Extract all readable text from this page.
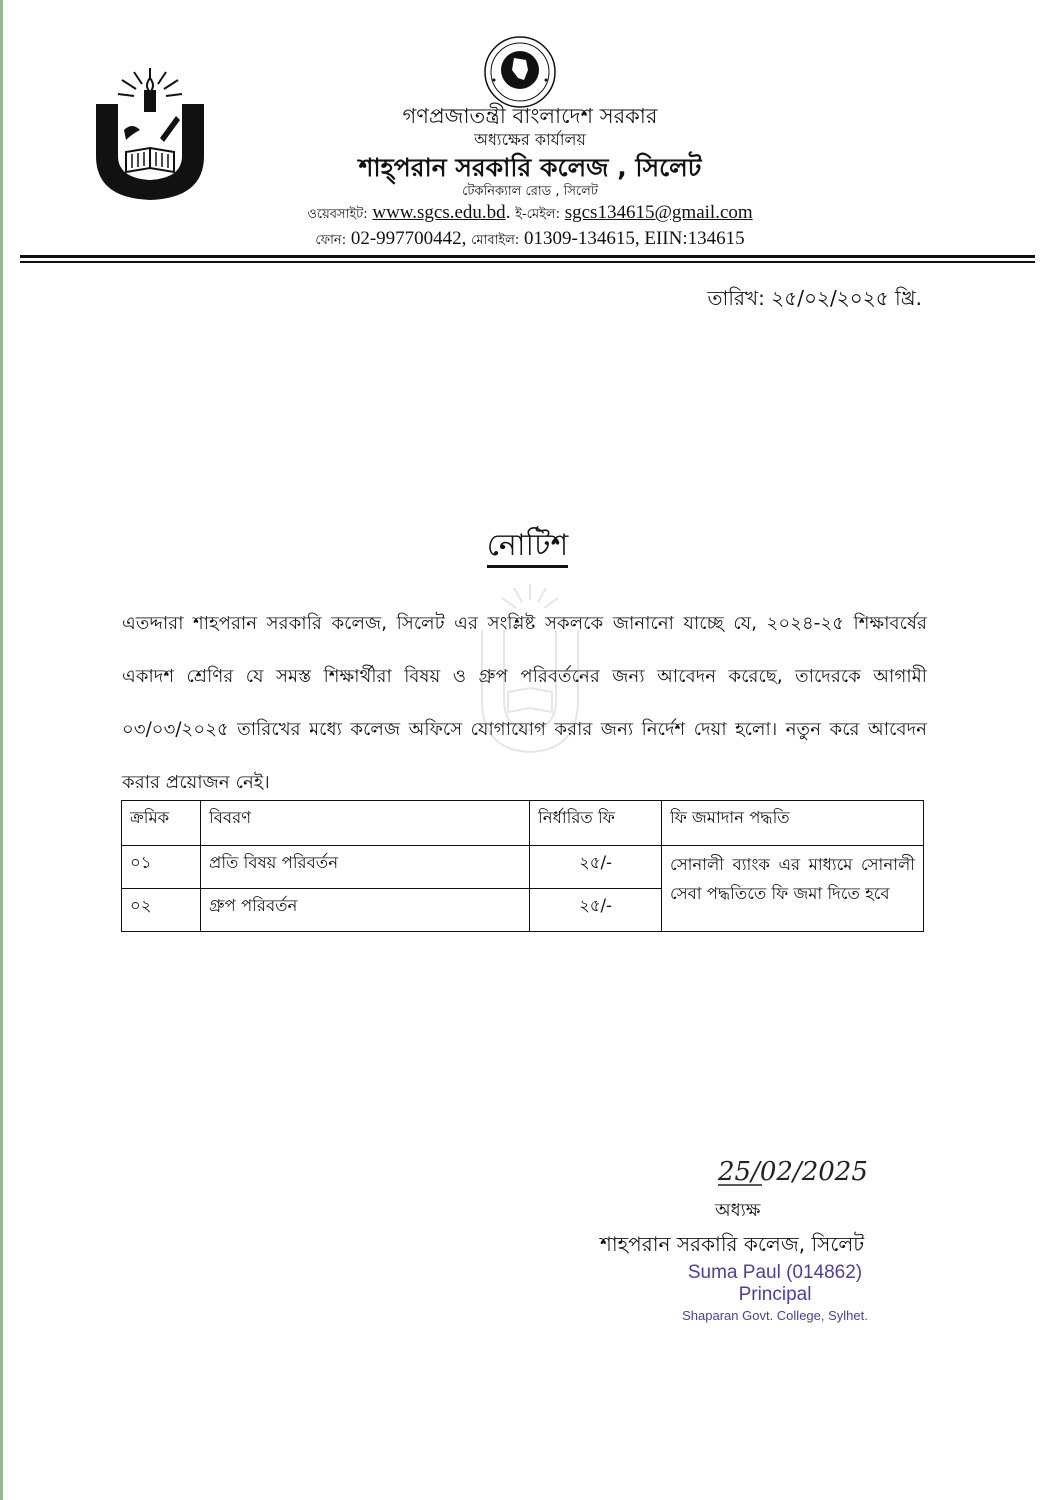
গণপ্রজাতন্ত্রী বাংলাদেশ সরকার
অধ্যক্ষের কার্যালয়
শাহ্‌পরান সরকারি কলেজ , সিলেট
টেকনিক্যাল রোড , সিলেট
ওয়েবসাইট: www.sgcs.edu.bd. ই-মেইল: sgcs134615@gmail.com
ফোন: 02-997700442, মোবাইল: 01309-134615, EIIN:134615
তারিখ: ২৫/০২/২০২৫ খ্রি.
নোটিশ

এতদ্দারা শাহপরান সরকারি কলেজ, সিলেট এর সংশ্লিষ্ট সকলকে জানানো যাচ্ছে যে, ২০২৪-২৫ শিক্ষাবর্ষের একাদশ শ্রেণির যে সমস্ত শিক্ষার্থীরা বিষয় ও গ্রুপ পরিবর্তনের জন্য আবেদন করেছে, তাদেরকে আগামী ০৩/০৩/২০২৫ তারিখের মধ্যে কলেজ অফিসে যোগাযোগ করার জন্য নির্দেশ দেয়া হলো। নতুন করে আবেদন করার প্রয়োজন নেই।

ক্রমিক	বিবরণ	নির্ধারিত ফি	ফি জমাদান পদ্ধতি
০১	প্রতি বিষয় পরিবর্তন	২৫/-	সোনালী ব্যাংক এর মাধ্যমে সোনালী সেবা পদ্ধতিতে ফি জমা দিতে হবে
০২	গ্রুপ পরিবর্তন	২৫/-	
25/02/2025
অধ্যক্ষ
শাহপরান সরকারি কলেজ, সিলেট
Suma Paul (014862)
Principal
Shaparan Govt. College, Sylhet.
